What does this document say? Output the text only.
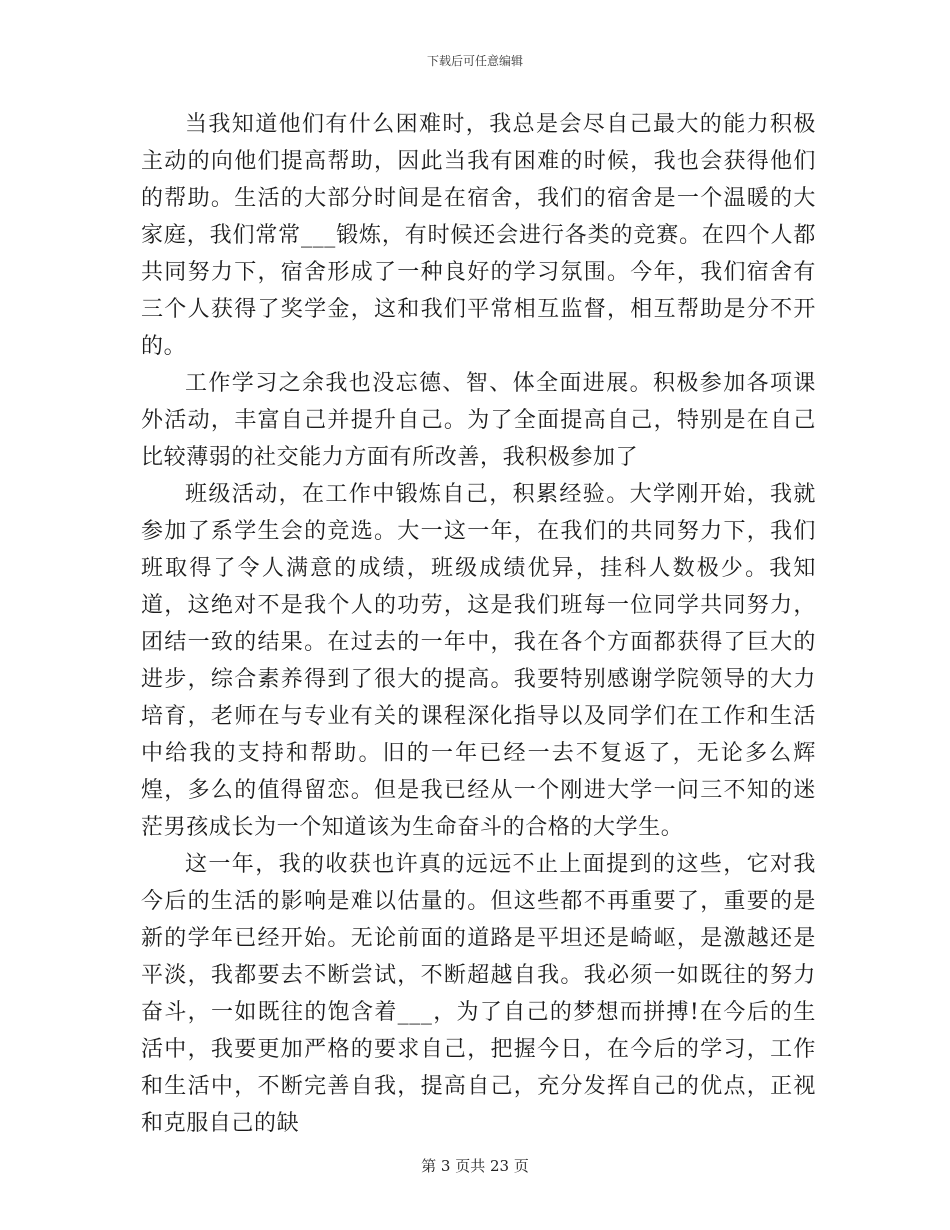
下载后可任意编辑

当我知道他们有什么困难时，我总是会尽自己最大的能力积极主动的向他们提高帮助，因此当我有困难的时候，我也会获得他们的帮助。生活的大部分时间是在宿舍，我们的宿舍是一个温暖的大家庭，我们常常___锻炼，有时候还会进行各类的竞赛。在四个人都共同努力下，宿舍形成了一种良好的学习氛围。今年，我们宿舍有三个人获得了奖学金，这和我们平常相互监督，相互帮助是分不开的。

工作学习之余我也没忘德、智、体全面进展。积极参加各项课外活动，丰富自己并提升自己。为了全面提高自己，特别是在自己比较薄弱的社交能力方面有所改善，我积极参加了

班级活动，在工作中锻炼自己，积累经验。大学刚开始，我就参加了系学生会的竞选。大一这一年，在我们的共同努力下，我们班取得了令人满意的成绩，班级成绩优异，挂科人数极少。我知道，这绝对不是我个人的功劳，这是我们班每一位同学共同努力，团结一致的结果。在过去的一年中，我在各个方面都获得了巨大的进步，综合素养得到了很大的提高。我要特别感谢学院领导的大力培育，老师在与专业有关的课程深化指导以及同学们在工作和生活中给我的支持和帮助。旧的一年已经一去不复返了，无论多么辉煌，多么的值得留恋。但是我已经从一个刚进大学一问三不知的迷茫男孩成长为一个知道该为生命奋斗的合格的大学生。

这一年，我的收获也许真的远远不止上面提到的这些，它对我今后的生活的影响是难以估量的。但这些都不再重要了，重要的是新的学年已经开始。无论前面的道路是平坦还是崎岖，是激越还是平淡，我都要去不断尝试，不断超越自我。我必须一如既往的努力奋斗，一如既往的饱含着___，为了自己的梦想而拼搏!在今后的生活中，我要更加严格的要求自己，把握今日，在今后的学习，工作和生活中，不断完善自我，提高自己，充分发挥自己的优点，正视和克服自己的缺

第 3 页共 23 页
